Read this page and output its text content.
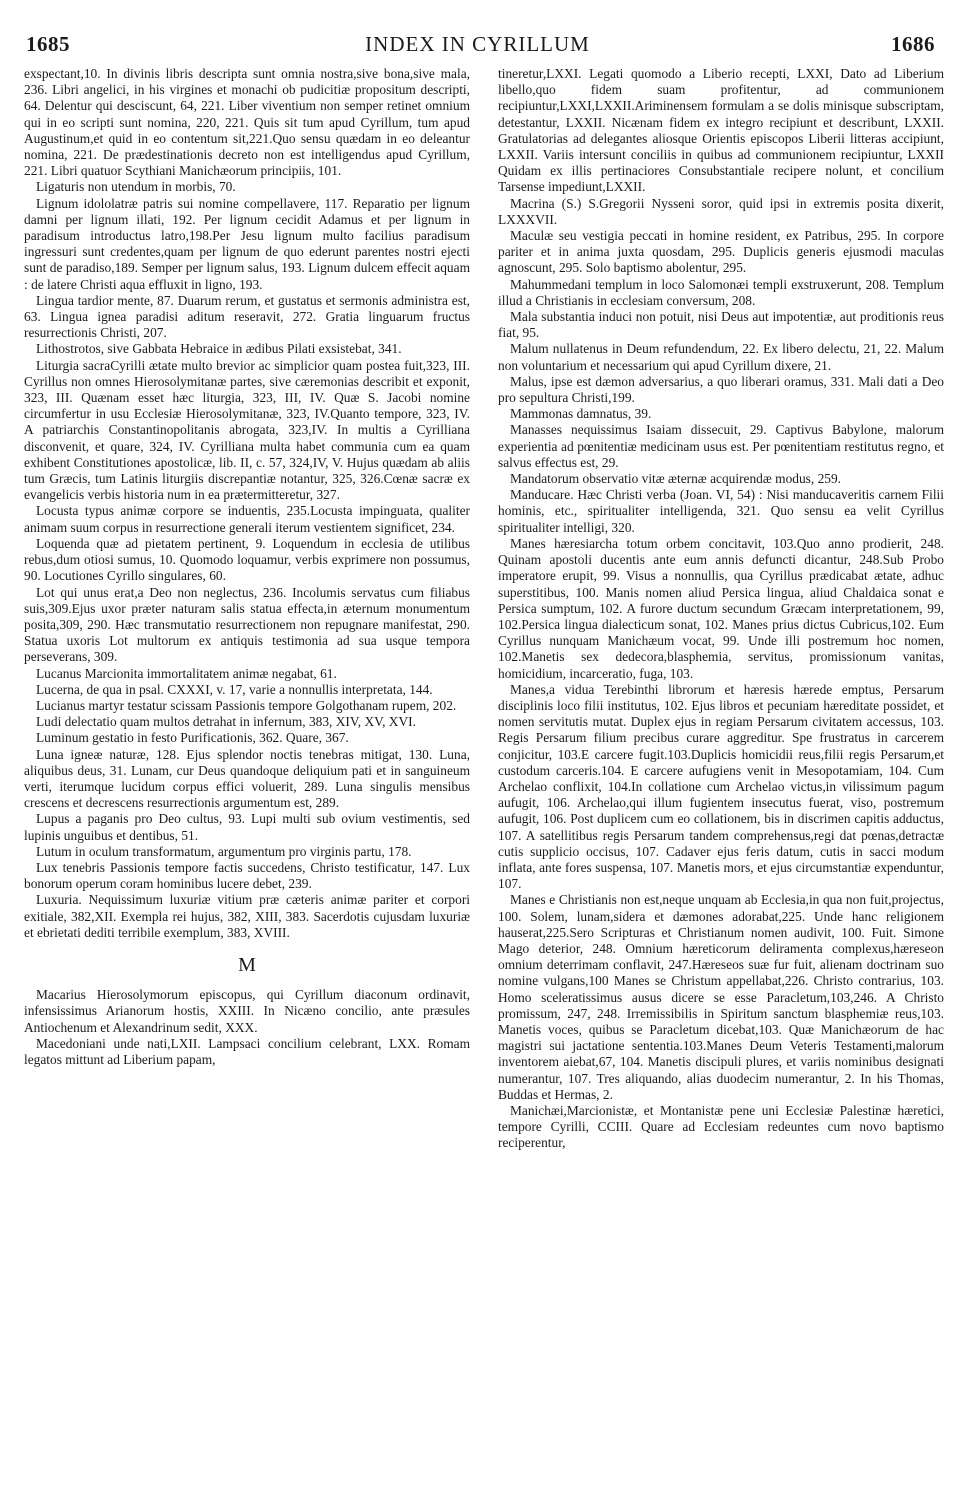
1685	INDEX IN CYRILLUM	1686

exspectant,10. In divinis libris descripta sunt omnia nostra,sive bona,sive mala, 236. Libri angelici, in his virgines et monachi ob pudicitiæ propositum descripti, 64. Delentur qui desciscunt, 64, 221. Liber viventium non semper retinet omnium qui in eo scripti sunt nomina, 220, 221. Quis sit tum apud Cyrillum, tum apud Augustinum,et quid in eo contentum sit,221.Quo sensu quædam in eo deleantur nomina, 221. De prædestinationis decreto non est intelligendus apud Cyrillum, 221. Libri quatuor Scythiani Manichæorum principiis, 101.

Ligaturis non utendum in morbis, 70.

Lignum idololatræ patris sui nomine compellavere, 117. Reparatio per lignum damni per lignum illati, 192. Per lignum cecidit Adamus et per lignum in paradisum introductus latro,198.Per Jesu lignum multo facilius paradisum ingressuri sunt credentes,quam per lignum de quo ederunt parentes nostri ejecti sunt de paradiso,189. Semper per lignum salus, 193. Lignum dulcem effecit aquam : de latere Christi aqua effluxit in ligno, 193.

Lingua tardior mente, 87. Duarum rerum, et gustatus et sermonis administra est, 63. Lingua ignea paradisi aditum reseravit, 272. Gratia linguarum fructus resurrectionis Christi, 207.

Lithostrotos, sive Gabbata Hebraice in ædibus Pilati exsistebat, 341.

Liturgia sacraCyrilli ætate multo brevior ac simplicior quam postea fuit,323, III. Cyrillus non omnes Hierosolymitanæ partes, sive cæremonias describit et exponit, 323, III. Quænam esset hæc liturgia, 323, III, IV. Quæ S. Jacobi nomine circumfertur in usu Ecclesiæ Hierosolymitanæ, 323, IV.Quanto tempore, 323, IV. A patriarchis Constantinopolitanis abrogata, 323,IV. In multis a Cyrilliana disconvenit, et quare, 324, IV. Cyrilliana multa habet communia cum ea quam exhibent Constitutiones apostolicæ, lib. II, c. 57, 324,IV, V. Hujus quædam ab aliis tum Græcis, tum Latinis liturgiis discrepantiæ notantur, 325, 326.Cœnæ sacræ ex evangelicis verbis historia num in ea prætermitteretur, 327.

Locusta typus animæ corpore se induentis, 235.Locusta impinguata, qualiter animam suum corpus in resurrectione generali iterum vestientem significet, 234.

Loquenda quæ ad pietatem pertinent, 9. Loquendum in ecclesia de utilibus rebus,dum otiosi sumus, 10. Quomodo loquamur, verbis exprimere non possumus, 90. Locutiones Cyrillo singulares, 60.

Lot qui unus erat,a Deo non neglectus, 236. Incolumis servatus cum filiabus suis,309.Ejus uxor præter naturam salis statua effecta,in æternum monumentum posita,309, 290. Hæc transmutatio resurrectionem non repugnare manifestat, 290. Statua uxoris Lot multorum ex antiquis testimonia ad sua usque tempora perseverans, 309.

Lucanus Marcionita immortalitatem animæ negabat, 61.

Lucerna, de qua in psal. CXXXI, v. 17, varie a nonnullis interpretata, 144.

Lucianus martyr testatur scissam Passionis tempore Golgothanam rupem, 202.

Ludi delectatio quam multos detrahat in infernum, 383, XIV, XV, XVI.

Luminum gestatio in festo Purificationis, 362. Quare, 367.

Luna igneæ naturæ, 128. Ejus splendor noctis tenebras mitigat, 130. Luna, aliquibus deus, 31. Lunam, cur Deus quandoque deliquium pati et in sanguineum verti, iterumque lucidum corpus effici voluerit, 289. Luna singulis mensibus crescens et decrescens resurrectionis argumentum est, 289.

Lupus a paganis pro Deo cultus, 93. Lupi multi sub ovium vestimentis, sed lupinis unguibus et dentibus, 51.

Lutum in oculum transformatum, argumentum pro virginis partu, 178.

Lux tenebris Passionis tempore factis succedens, Christo testificatur, 147. Lux bonorum operum coram hominibus lucere debet, 239.

Luxuria. Nequissimum luxuriæ vitium præ cæteris animæ pariter et corpori exitiale, 382,XII. Exempla rei hujus, 382, XIII, 383. Sacerdotis cujusdam luxuriæ et ebrietati dediti terribile exemplum, 383, XVIII.

M

Macarius Hierosolymorum episcopus, qui Cyrillum diaconum ordinavit, infensissimus Arianorum hostis, XXIII. In Nicæno concilio, ante præsules Antiochenum et Alexandrinum sedit, XXX.

Macedoniani unde nati,LXII. Lampsaci concilium celebrant, LXX. Romam legatos mittunt ad Liberium papam,

tineretur,LXXI. Legati quomodo a Liberio recepti, LXXI, Dato ad Liberium libello,quo fidem suam profitentur, ad communionem recipiuntur,LXXI,LXXII.Ariminensem formulam a se dolis minisque subscriptam, detestantur, LXXII. Nicænam fidem ex integro recipiunt et describunt, LXXII. Gratulatorias ad delegantes aliosque Orientis episcopos Liberii litteras accipiunt, LXXII. Variis intersunt conciliis in quibus ad communionem recipiuntur, LXXII Quidam ex illis pertinaciores Consubstantiale recipere nolunt, et concilium Tarsense impediunt,LXXII.

Macrina (S.) S.Gregorii Nysseni soror, quid ipsi in extremis posita dixerit, LXXXVII.

Maculæ seu vestigia peccati in homine resident, ex Patribus, 295. In corpore pariter et in anima juxta quosdam, 295. Duplicis generis ejusmodi maculas agnoscunt, 295. Solo baptismo abolentur, 295.

Mahummedani templum in loco Salomonæi templi exstruxerunt, 208. Templum illud a Christianis in ecclesiam conversum, 208.

Mala substantia induci non potuit, nisi Deus aut impotentiæ, aut proditionis reus fiat, 95.

Malum nullatenus in Deum refundendum, 22. Ex libero delectu, 21, 22. Malum non voluntarium et necessarium qui apud Cyrillum dixere, 21.

Malus, ipse est dæmon adversarius, a quo liberari oramus, 331. Mali dati a Deo pro sepultura Christi,199.

Mammonas damnatus, 39.

Manasses nequissimus Isaiam dissecuit, 29. Captivus Babylone, malorum experientia ad pœnitentiæ medicinam usus est. Per pœnitentiam restitutus regno, et salvus effectus est, 29.

Mandatorum observatio vitæ æternæ acquirendæ modus, 259.

Manducare. Hæc Christi verba (Joan. VI, 54) : Nisi manducaveritis carnem Filii hominis, etc., spiritualiter intelligenda, 321. Quo sensu ea velit Cyrillus spiritualiter intelligi, 320.

Manes hæresiarcha totum orbem concitavit, 103.Quo anno prodierit, 248. Quinam apostoli ducentis ante eum annis defuncti dicantur, 248.Sub Probo imperatore erupit, 99. Visus a nonnullis, qua Cyrillus prædicabat ætate, adhuc superstitibus, 100. Manis nomen aliud Persica lingua, aliud Chaldaica sonat e Persica sumptum, 102. A furore ductum secundum Græcam interpretationem, 99, 102.Persica lingua dialecticum sonat, 102. Manes prius dictus Cubricus,102. Eum Cyrillus nunquam Manichæum vocat, 99. Unde illi postremum hoc nomen, 102.Manetis sex dedecora,blasphemia, servitus, promissionum vanitas, homicidium, incarceratio, fuga, 103.

Manes,a vidua Terebinthi librorum et hæresis hærede emptus, Persarum disciplinis loco filii institutus, 102. Ejus libros et pecuniam hæreditate possidet, et nomen servitutis mutat. Duplex ejus in regiam Persarum civitatem accessus, 103. Regis Persarum filium precibus curare aggreditur. Spe frustratus in carcerem conjicitur, 103.E carcere fugit.103.Duplicis homicidii reus,filii regis Persarum,et custodum carceris.104. E carcere aufugiens venit in Mesopotamiam, 104. Cum Archelao conflixit, 104.In collatione cum Archelao victus,in vilissimum pagum aufugit, 106. Archelao,qui illum fugientem insecutus fuerat, viso, postremum aufugit, 106. Post duplicem cum eo collationem, bis in discrimen capitis adductus, 107. A satellitibus regis Persarum tandem comprehensus,regi dat pœnas,detractæ cutis supplicio occisus, 107. Cadaver ejus feris datum, cutis in sacci modum inflata, ante fores suspensa, 107. Manetis mors, et ejus circumstantiæ expenduntur, 107.

Manes e Christianis non est,neque unquam ab Ecclesia,in qua non fuit,projectus, 100. Solem, lunam,sidera et dæmones adorabat,225. Unde hanc religionem hauserat,225.Sero Scripturas et Christianum nomen audivit, 100. Fuit. Simone Mago deterior, 248. Omnium hæreticorum deliramenta complexus,hæreseon omnium deterrimam conflavit, 247.Hæreseos suæ fur fuit, alienam doctrinam suo nomine vulgans,100 Manes se Christum appellabat,226. Christo contrarius, 103. Homo sceleratissimus ausus dicere se esse Paracletum,103,246. A Christo promissum, 247, 248. Irremissibilis in Spiritum sanctum blasphemiæ reus,103. Manetis voces, quibus se Paracletum dicebat,103. Quæ Manichæorum de hac magistri sui jactatione sententia.103.Manes Deum Veteris Testamenti,malorum inventorem aiebat,67, 104. Manetis discipuli plures, et variis nominibus designati numerantur, 107. Tres aliquando, alias duodecim numerantur, 2. In his Thomas, Buddas et Hermas, 2.

Manichæi,Marcionistæ, et Montanistæ pene uni Ecclesiæ Palestinæ hæretici, tempore Cyrilli, CCIII. Quare ad Ecclesiam redeuntes cum novo baptismo reciperentur,
